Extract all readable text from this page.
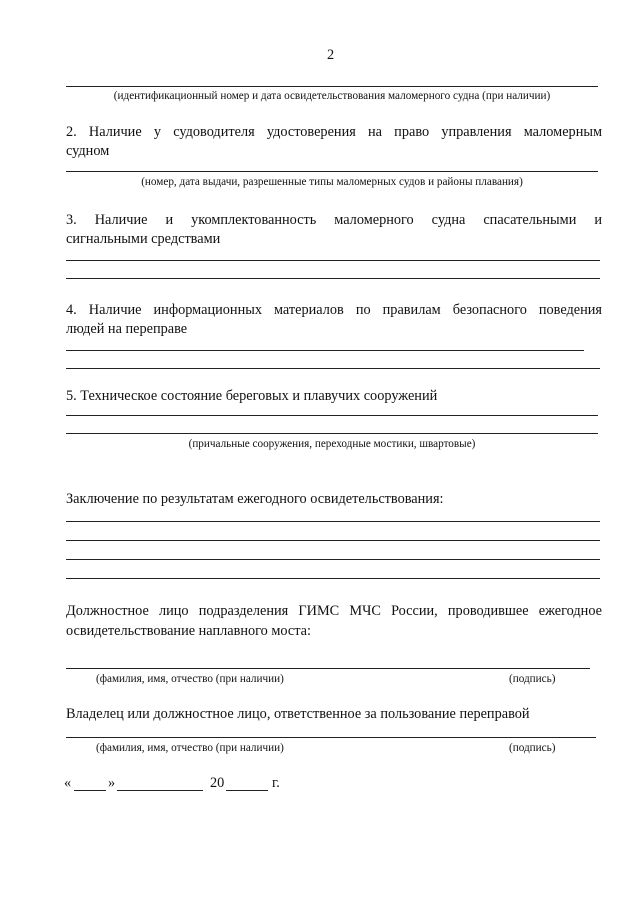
2
(идентификационный номер и дата освидетельствования маломерного судна (при наличии)
2. Наличие у судоводителя удостоверения на право управления маломерным
судном
(номер, дата выдачи, разрешенные типы маломерных судов и районы плавания)
3. Наличие и укомплектованность маломерного судна спасательными и
сигнальными средствами
4. Наличие информационных материалов по правилам безопасного поведения
людей на переправе
5. Техническое состояние береговых и плавучих сооружений
(причальные сооружения, переходные мостики, швартовые)
Заключение по результатам ежегодного освидетельствования:
Должностное лицо подразделения ГИМС МЧС России, проводившее ежегодное
освидетельствование наплавного моста:
(фамилия, имя, отчество (при наличии)	(подпись)
Владелец или должностное лицо, ответственное за пользование переправой
(фамилия, имя, отчество (при наличии)	(подпись)
«	»	20	г.
